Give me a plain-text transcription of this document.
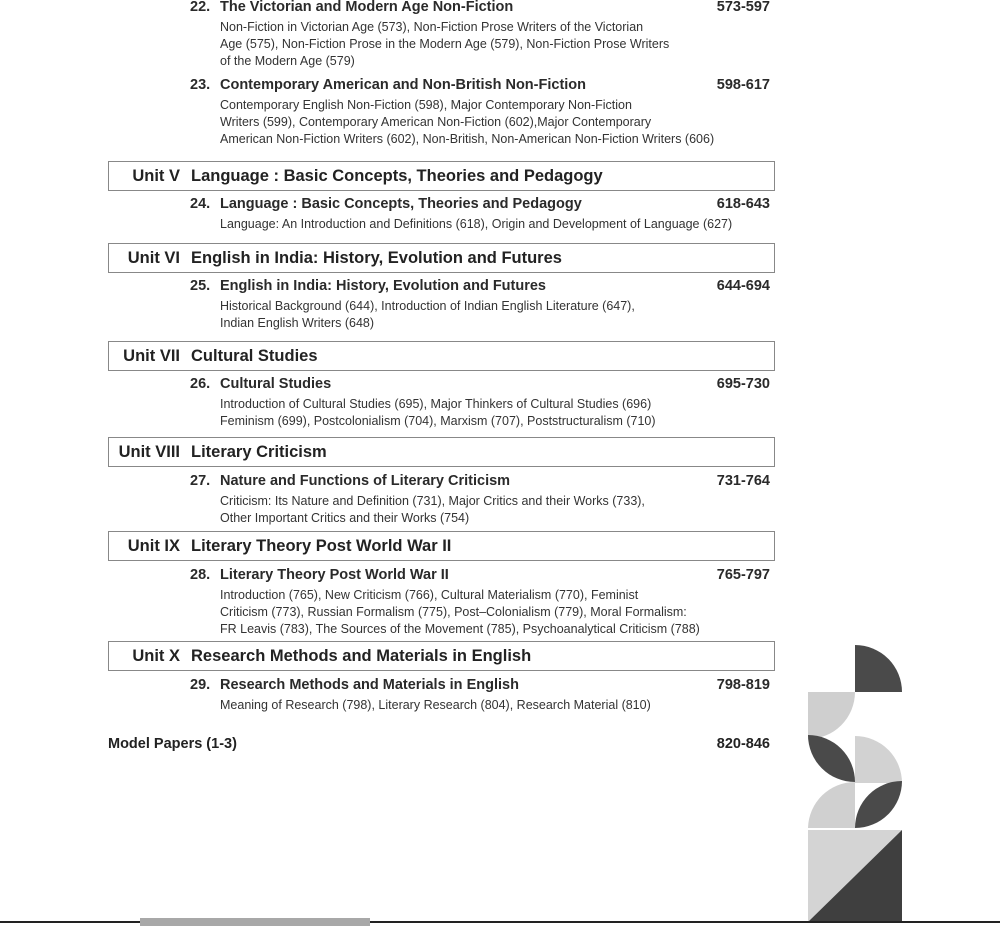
22. The Victorian and Modern Age Non-Fiction	573-597
Non-Fiction in Victorian Age (573), Non-Fiction Prose Writers of the Victorian
Age (575), Non-Fiction Prose in the Modern Age (579), Non-Fiction Prose Writers
of the Modern Age (579)
23. Contemporary American and Non-British Non-Fiction	598-617
Contemporary English Non-Fiction (598), Major Contemporary Non-Fiction
Writers (599), Contemporary American Non-Fiction (602),Major Contemporary
American Non-Fiction Writers (602), Non-British, Non-American Non-Fiction Writers (606)
Unit V Language : Basic Concepts, Theories and Pedagogy
24. Language : Basic Concepts, Theories and Pedagogy	618-643
Language: An Introduction and Definitions (618), Origin and Development of Language (627)
Unit VI English in India: History, Evolution and Futures
25. English in India: History, Evolution and Futures	644-694
Historical Background (644), Introduction of Indian English Literature (647),
Indian English Writers (648)
Unit VII Cultural Studies
26. Cultural Studies	695-730
Introduction of Cultural Studies (695), Major Thinkers of Cultural Studies (696)
Feminism (699), Postcolonialism (704), Marxism (707), Poststructuralism (710)
Unit VIII Literary Criticism
27. Nature and Functions of Literary Criticism	731-764
Criticism: Its Nature and Definition (731), Major Critics and their Works (733),
Other Important Critics and their Works (754)
Unit IX Literary Theory Post World War II
28. Literary Theory Post World War II	765-797
Introduction (765), New Criticism (766), Cultural Materialism (770), Feminist
Criticism (773), Russian Formalism (775), Post–Colonialism (779), Moral Formalism:
FR Leavis (783), The Sources of the Movement (785), Psychoanalytical Criticism (788)
Unit X Research Methods and Materials in English
29. Research Methods and Materials in English	798-819
Meaning of Research (798), Literary Research (804), Research Material (810)
Model Papers (1-3)	820-846
